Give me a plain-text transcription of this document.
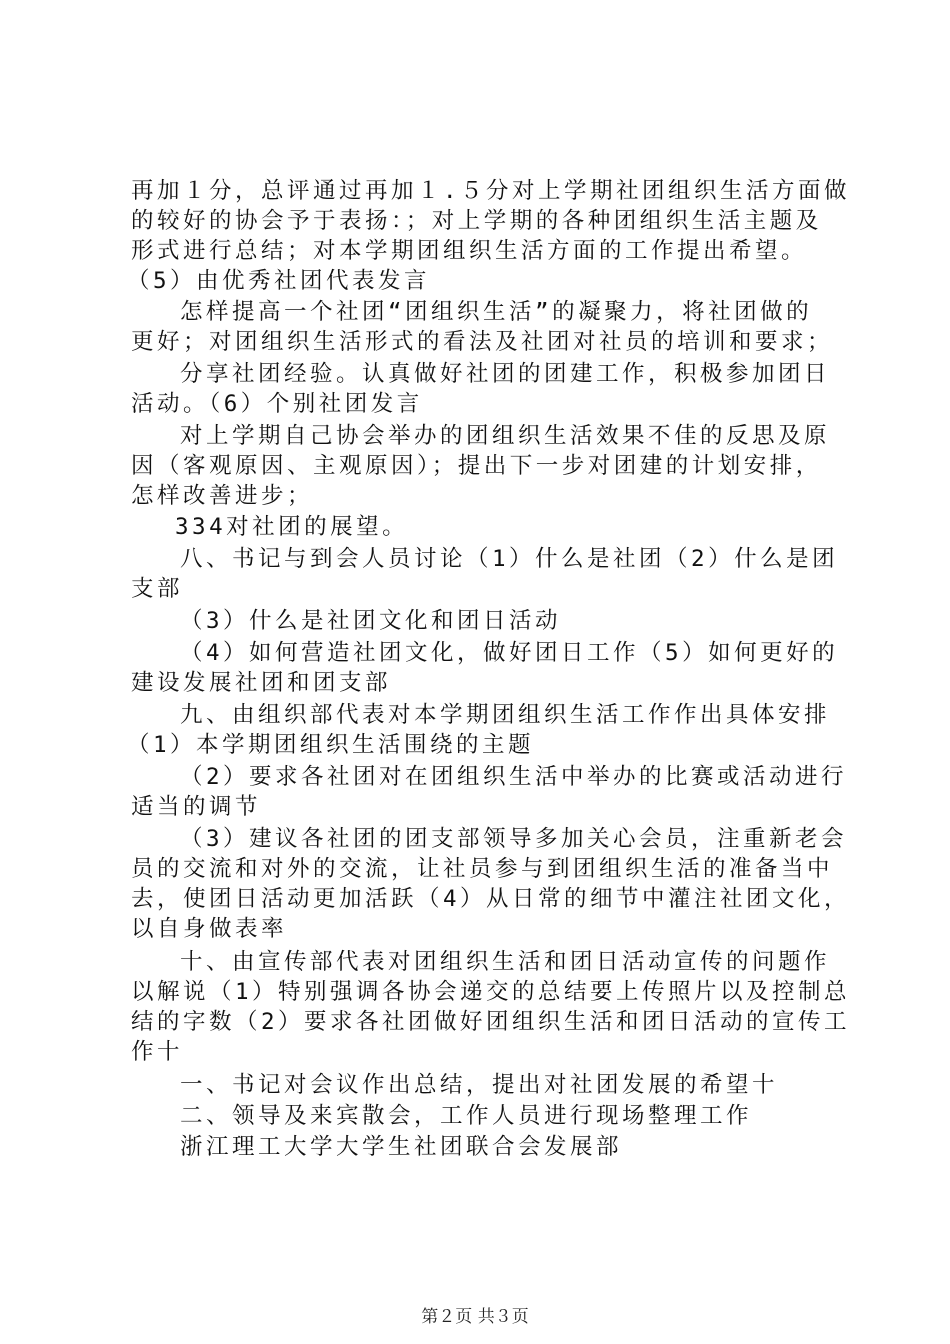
再加１分，总评通过再加１.５分对上学期社团组织生活方面做
的较好的协会予于表扬：；对上学期的各种团组织生活主题及
形式进行总结；对本学期团组织生活方面的工作提出希望。
（5）由优秀社团代表发言
怎样提高一个社团“团组织生活”的凝聚力，将社团做的
更好；对团组织生活形式的看法及社团对社员的培训和要求；
分享社团经验。认真做好社团的团建工作，积极参加团日
活动。（6）个别社团发言
对上学期自己协会举办的团组织生活效果不佳的反思及原
因（客观原因、主观原因）；提出下一步对团建的计划安排，
怎样改善进步；
334对社团的展望。
八、书记与到会人员讨论（1）什么是社团（2）什么是团
支部
（3）什么是社团文化和团日活动
（4）如何营造社团文化，做好团日工作（5）如何更好的
建设发展社团和团支部
九、由组织部代表对本学期团组织生活工作作出具体安排
（1）本学期团组织生活围绕的主题
（2）要求各社团对在团组织生活中举办的比赛或活动进行
适当的调节
（3）建议各社团的团支部领导多加关心会员，注重新老会
员的交流和对外的交流，让社员参与到团组织生活的准备当中
去，使团日活动更加活跃（4）从日常的细节中灌注社团文化，
以自身做表率
十、由宣传部代表对团组织生活和团日活动宣传的问题作
以解说（1）特别强调各协会递交的总结要上传照片以及控制总
结的字数（2）要求各社团做好团组织生活和团日活动的宣传工
作十
一、书记对会议作出总结，提出对社团发展的希望十
二、领导及来宾散会，工作人员进行现场整理工作
浙江理工大学大学生社团联合会发展部
第２页 共３页
